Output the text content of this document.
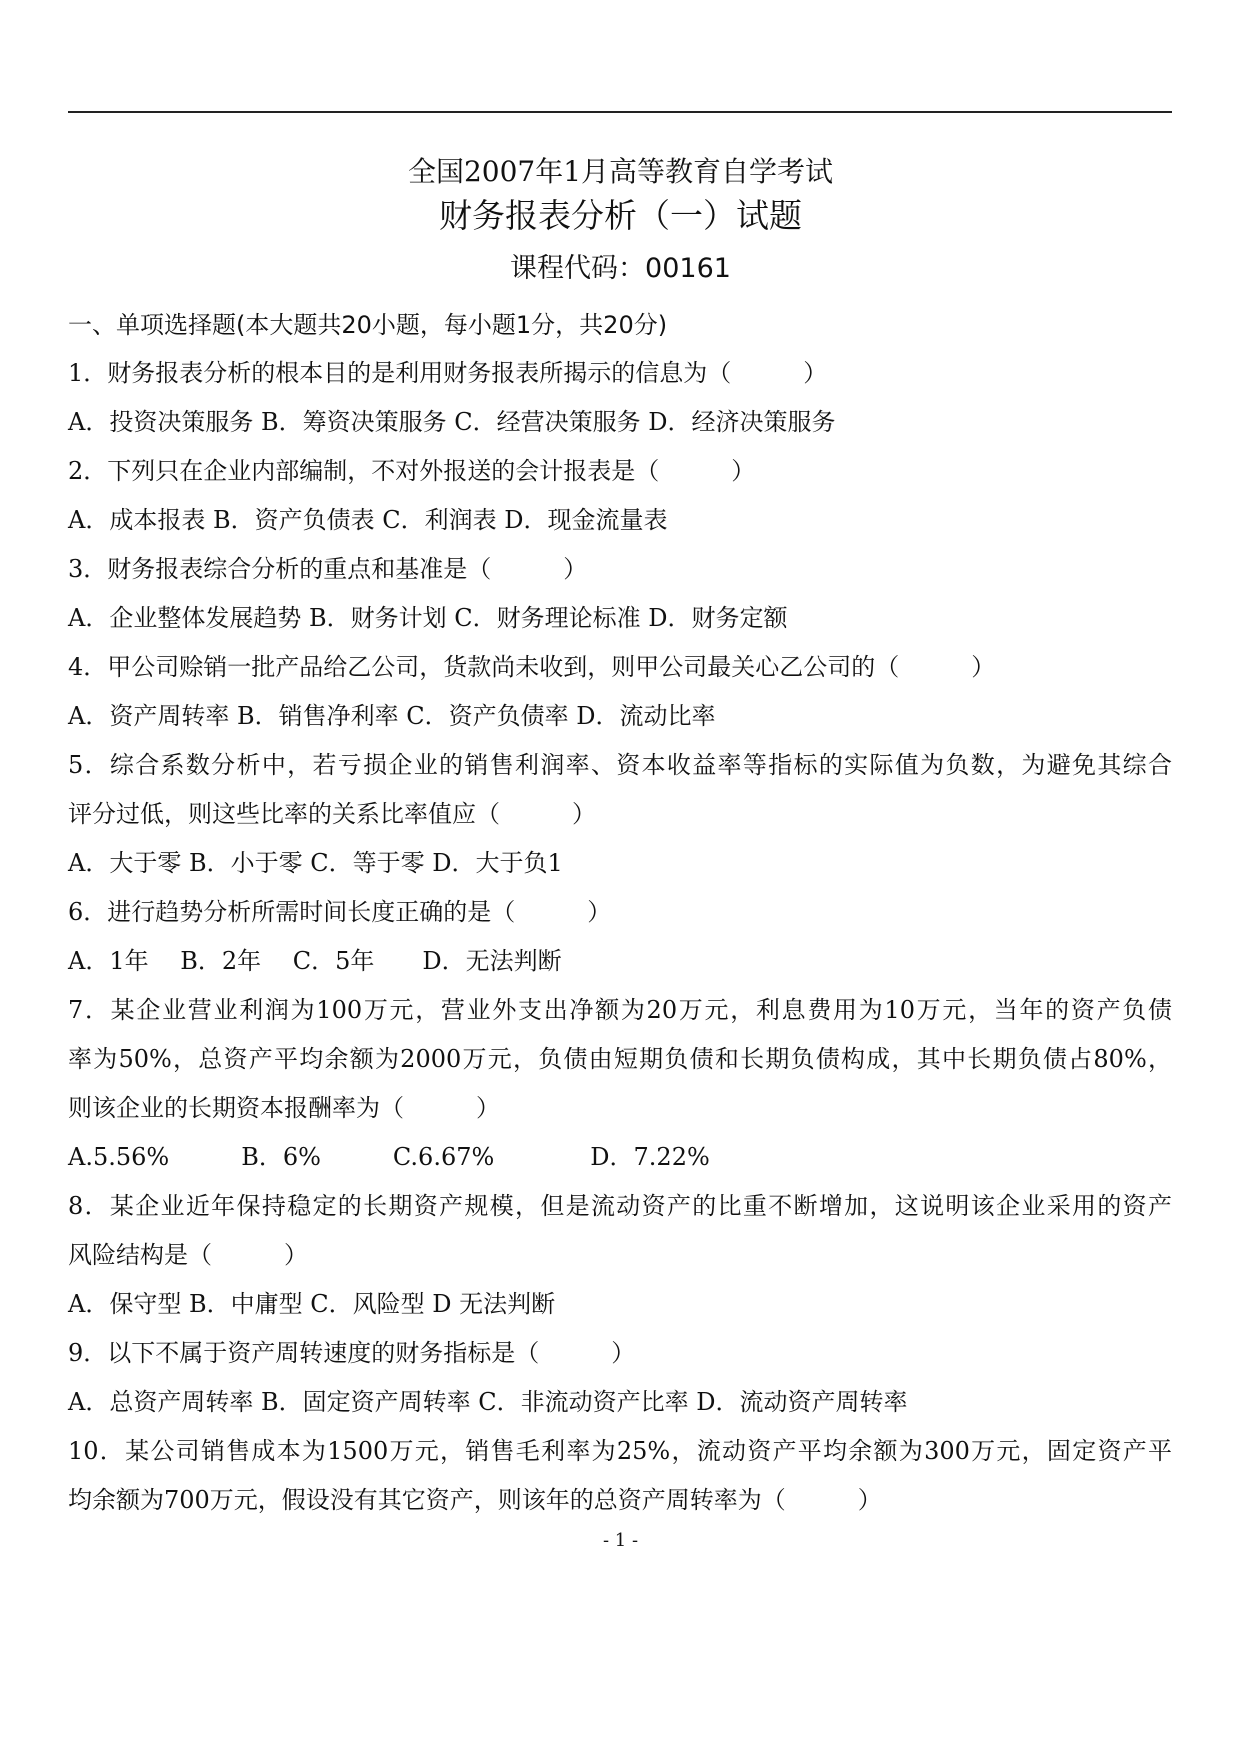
全国2007年1月高等教育自学考试
财务报表分析（一）试题
课程代码：00161
一、单项选择题(本大题共20小题，每小题1分，共20分)
1．财务报表分析的根本目的是利用财务报表所揭示的信息为（　　　）
A．投资决策服务 B．筹资决策服务 C．经营决策服务 D．经济决策服务
2．下列只在企业内部编制，不对外报送的会计报表是（　　　）
A．成本报表 B．资产负债表 C．利润表 D．现金流量表
3．财务报表综合分析的重点和基准是（　　　）
A．企业整体发展趋势 B．财务计划 C．财务理论标准 D．财务定额
4．甲公司赊销一批产品给乙公司，货款尚未收到，则甲公司最关心乙公司的（　　　）
A．资产周转率 B．销售净利率 C．资产负债率 D．流动比率
5．综合系数分析中，若亏损企业的销售利润率、资本收益率等指标的实际值为负数，为避免其综合
评分过低，则这些比率的关系比率值应（　　　）
A．大于零 B．小于零 C．等于零 D．大于负1
6．进行趋势分析所需时间长度正确的是（　　　）
A．1年　 B．2年　 C．5年　　D．无法判断
7．某企业营业利润为100万元，营业外支出净额为20万元，利息费用为10万元，当年的资产负债
率为50%，总资产平均余额为2000万元，负债由短期负债和长期负债构成，其中长期负债占80%，
则该企业的长期资本报酬率为（　　　）
A.5.56%　　　B．6%　　　C.6.67%　　　　D．7.22%
8．某企业近年保持稳定的长期资产规模，但是流动资产的比重不断增加，这说明该企业采用的资产
风险结构是（　　　）
A．保守型 B．中庸型 C．风险型 D 无法判断
9．以下不属于资产周转速度的财务指标是（　　　）
A．总资产周转率 B．固定资产周转率 C．非流动资产比率 D．流动资产周转率
10．某公司销售成本为1500万元，销售毛利率为25%，流动资产平均余额为300万元，固定资产平
均余额为700万元，假设没有其它资产，则该年的总资产周转率为（　　　）
- 1 -
